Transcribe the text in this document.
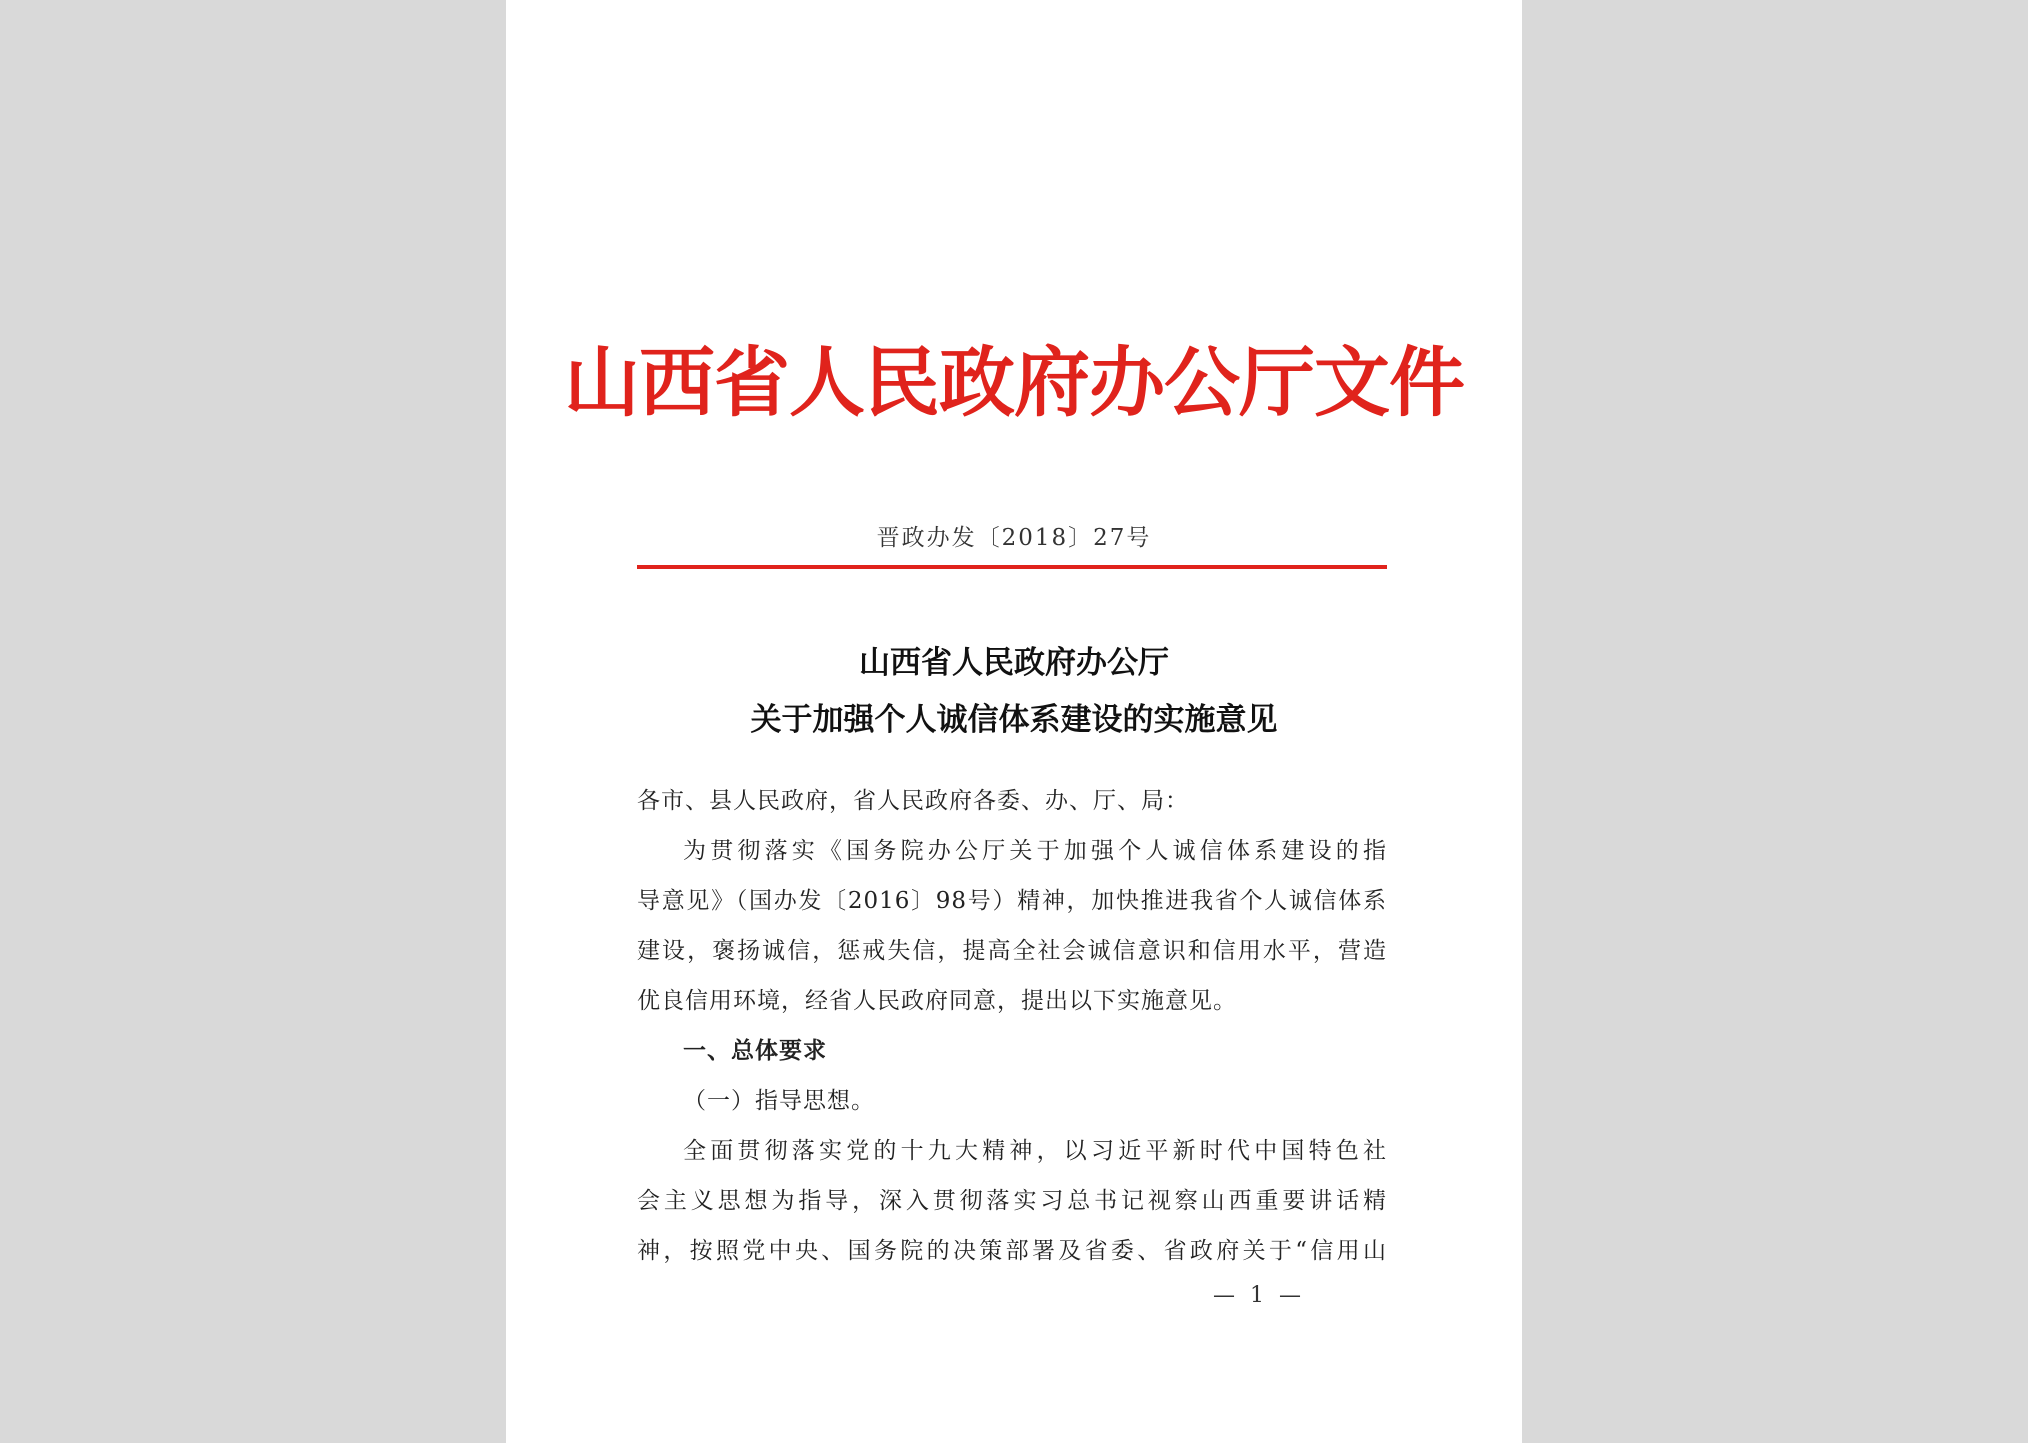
山西省人民政府办公厅文件
晋政办发〔2018〕27号
山西省人民政府办公厅
关于加强个人诚信体系建设的实施意见

各市、县人民政府，省人民政府各委、办、厅、局：

为贯彻落实《国务院办公厅关于加强个人诚信体系建设的指

导意见》（国办发〔2016〕98号）精神，加快推进我省个人诚信体系

建设，褒扬诚信，惩戒失信，提高全社会诚信意识和信用水平，营造

优良信用环境，经省人民政府同意，提出以下实施意见。

一、总体要求

（一）指导思想。

全面贯彻落实党的十九大精神，以习近平新时代中国特色社

会主义思想为指导，深入贯彻落实习总书记视察山西重要讲话精

神，按照党中央、国务院的决策部署及省委、省政府关于“信用山

— 1 —
